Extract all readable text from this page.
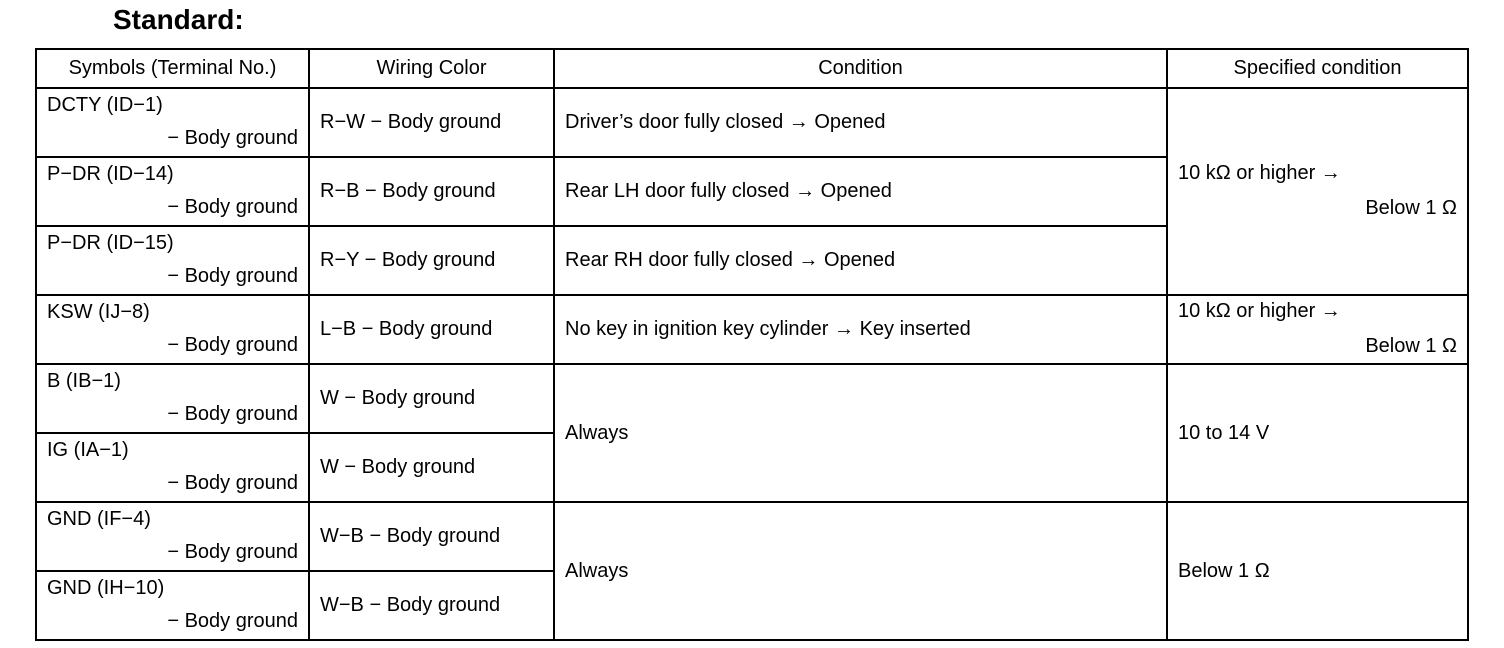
Standard:
Symbols (Terminal No.)	Wiring Color	Condition	Specified condition

DCTY (ID−1)
− Body ground	R−W − Body ground	Driver’s door fully closed → Opened	10 kΩ or higher →
Below 1 Ω

P−DR (ID−14)
− Body ground	R−B − Body ground	Rear LH door fully closed → Opened	

P−DR (ID−15)
− Body ground	R−Y − Body ground	Rear RH door fully closed → Opened	

KSW (IJ−8)
− Body ground	L−B − Body ground	No key in ignition key cylinder → Key inserted	10 kΩ or higher →
Below 1 Ω

B (IB−1)
− Body ground	W − Body ground	Always	10 to 14 V

IG (IA−1)
− Body ground	W − Body ground		

GND (IF−4)
− Body ground	W−B − Body ground	Always	Below 1 Ω

GND (IH−10)
− Body ground	W−B − Body ground		
